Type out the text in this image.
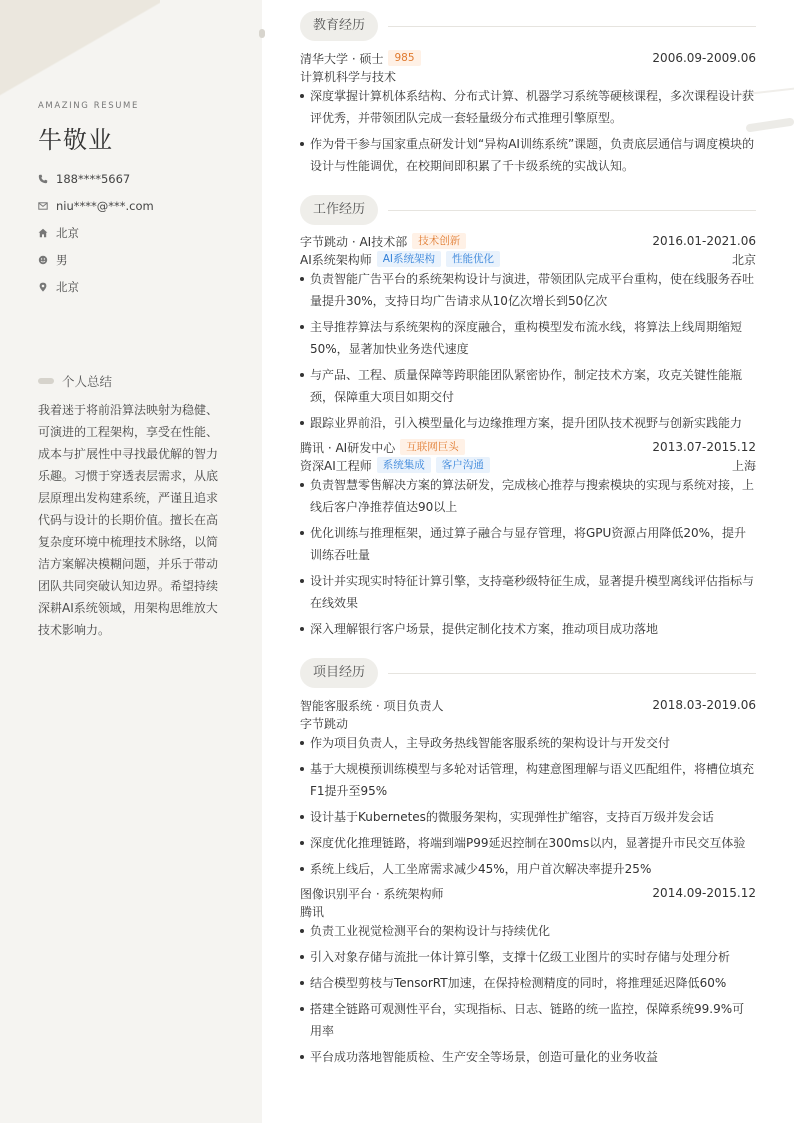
AMAZING RESUME
牛敬业
188****5667
niu****@***.com
北京
男
北京
个人总结
我着迷于将前沿算法映射为稳健、可演进的工程架构，享受在性能、成本与扩展性中寻找最优解的智力乐趣。习惯于穿透表层需求，从底层原理出发构建系统，严谨且追求代码与设计的长期价值。擅长在高复杂度环境中梳理技术脉络，以简洁方案解决模糊问题，并乐于带动团队共同突破认知边界。希望持续深耕AI系统领域，用架构思维放大技术影响力。
教育经历
清华大学 · 硕士	985	2006.09-2009.06
计算机科学与技术
深度掌握计算机体系结构、分布式计算、机器学习系统等硬核课程，多次课程设计获评优秀，并带领团队完成一套轻量级分布式推理引擎原型。
作为骨干参与国家重点研发计划“异构AI训练系统”课题，负责底层通信与调度模块的设计与性能调优，在校期间即积累了千卡级系统的实战认知。
工作经历
字节跳动 · AI技术部	技术创新	2016.01-2021.06
AI系统架构师	AI系统架构	性能优化	北京
负责智能广告平台的系统架构设计与演进，带领团队完成平台重构，使在线服务吞吐量提升30%，支持日均广告请求从10亿次增长到50亿次
主导推荐算法与系统架构的深度融合，重构模型发布流水线，将算法上线周期缩短50%，显著加快业务迭代速度
与产品、工程、质量保障等跨职能团队紧密协作，制定技术方案，攻克关键性能瓶颈，保障重大项目如期交付
跟踪业界前沿，引入模型量化与边缘推理方案，提升团队技术视野与创新实践能力
腾讯 · AI研发中心	互联网巨头	2013.07-2015.12
资深AI工程师	系统集成	客户沟通	上海
负责智慧零售解决方案的算法研发，完成核心推荐与搜索模块的实现与系统对接，上线后客户净推荐值达90以上
优化训练与推理框架，通过算子融合与显存管理，将GPU资源占用降低20%，提升训练吞吐量
设计并实现实时特征计算引擎，支持毫秒级特征生成，显著提升模型离线评估指标与在线效果
深入理解银行客户场景，提供定制化技术方案，推动项目成功落地
项目经历
智能客服系统 · 项目负责人	2018.03-2019.06
字节跳动
作为项目负责人，主导政务热线智能客服系统的架构设计与开发交付
基于大规模预训练模型与多轮对话管理，构建意图理解与语义匹配组件，将槽位填充F1提升至95%
设计基于Kubernetes的微服务架构，实现弹性扩缩容，支持百万级并发会话
深度优化推理链路，将端到端P99延迟控制在300ms以内，显著提升市民交互体验
系统上线后，人工坐席需求减少45%，用户首次解决率提升25%
图像识别平台 · 系统架构师	2014.09-2015.12
腾讯
负责工业视觉检测平台的架构设计与持续优化
引入对象存储与流批一体计算引擎，支撑十亿级工业图片的实时存储与处理分析
结合模型剪枝与TensorRT加速，在保持检测精度的同时，将推理延迟降低60%
搭建全链路可观测性平台，实现指标、日志、链路的统一监控，保障系统99.9%可用率
平台成功落地智能质检、生产安全等场景，创造可量化的业务收益
